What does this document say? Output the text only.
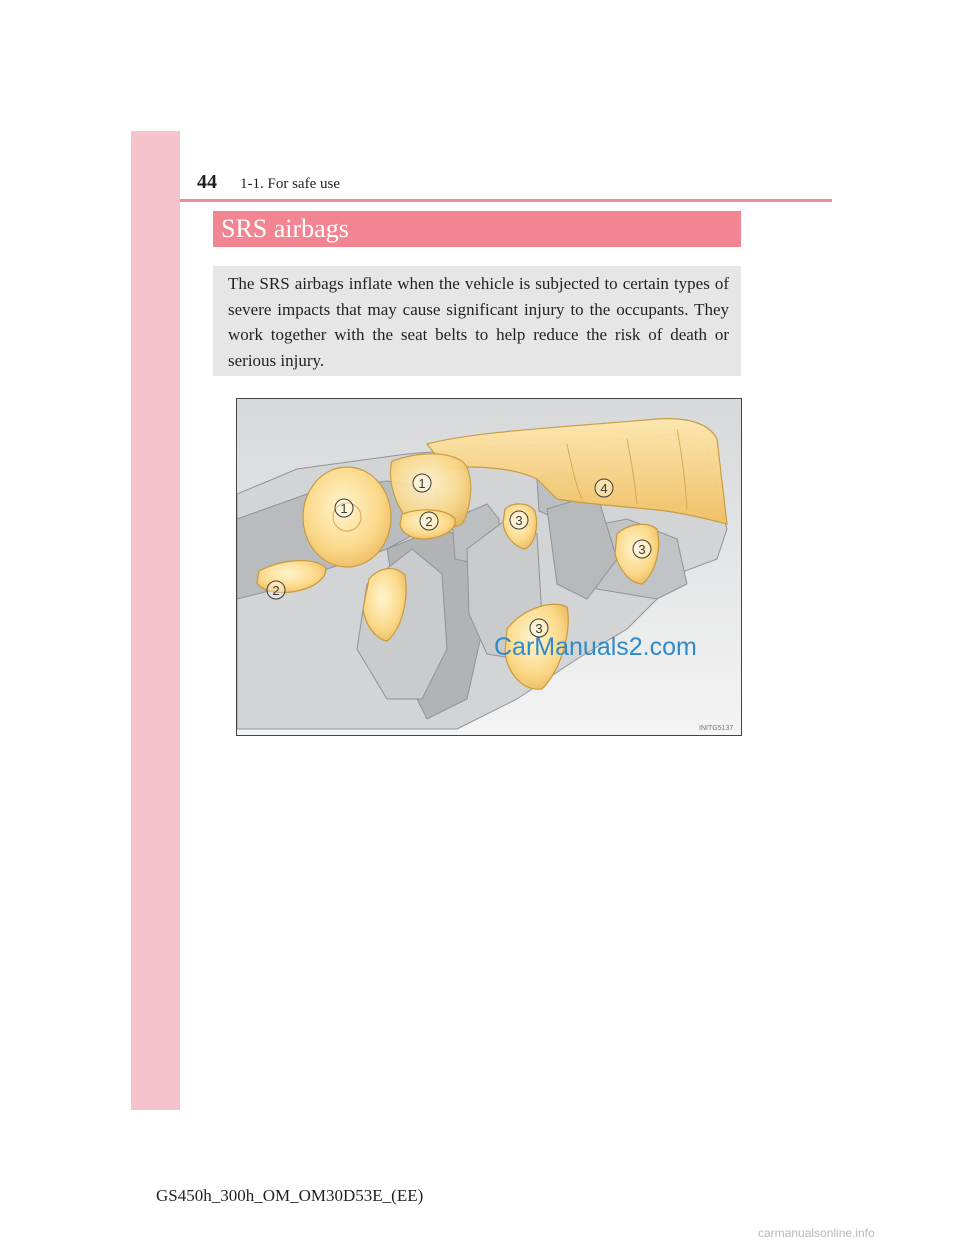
44 1-1. For safe use
SRS airbags
The SRS airbags inflate when the vehicle is subjected to certain types of severe impacts that may cause significant injury to the occupants. They work together with the seat belts to help reduce the risk of death or serious injury.
1
1
2
2
3
3
3
4
CarManuals2.com
INITG5137
GS450h_300h_OM_OM30D53E_(EE)
carmanualsonline.info
